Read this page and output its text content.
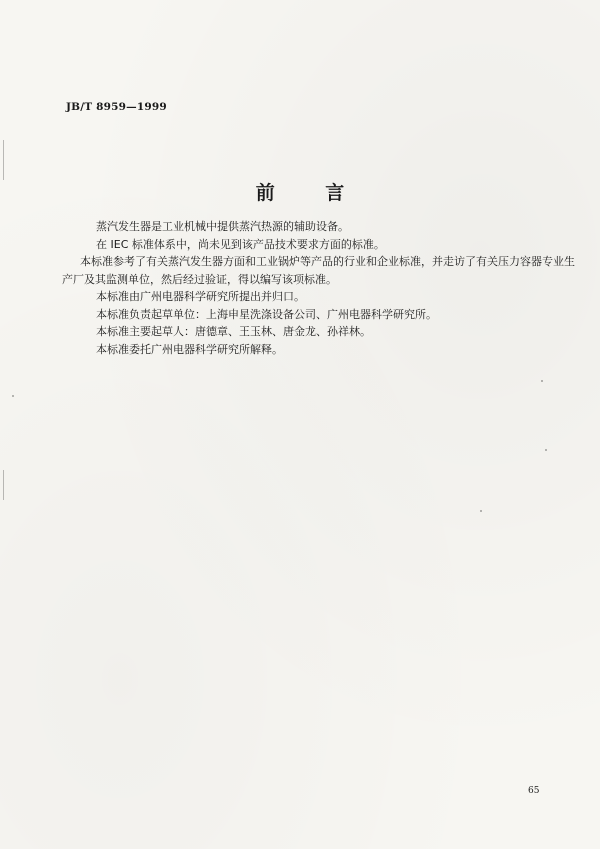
JB/T 8959—1999
前 言

蒸汽发生器是工业机械中提供蒸汽热源的辅助设备。

在 IEC 标准体系中，尚未见到该产品技术要求方面的标准。

本标准参考了有关蒸汽发生器方面和工业锅炉等产品的行业和企业标准，并走访了有关压力容器专业生产厂及其监测单位，然后经过验证，得以编写该项标准。

本标准由广州电器科学研究所提出并归口。

本标准负责起草单位：上海申星洗涤设备公司、广州电器科学研究所。

本标准主要起草人：唐德章、王玉林、唐金龙、孙祥林。

本标准委托广州电器科学研究所解释。

65
